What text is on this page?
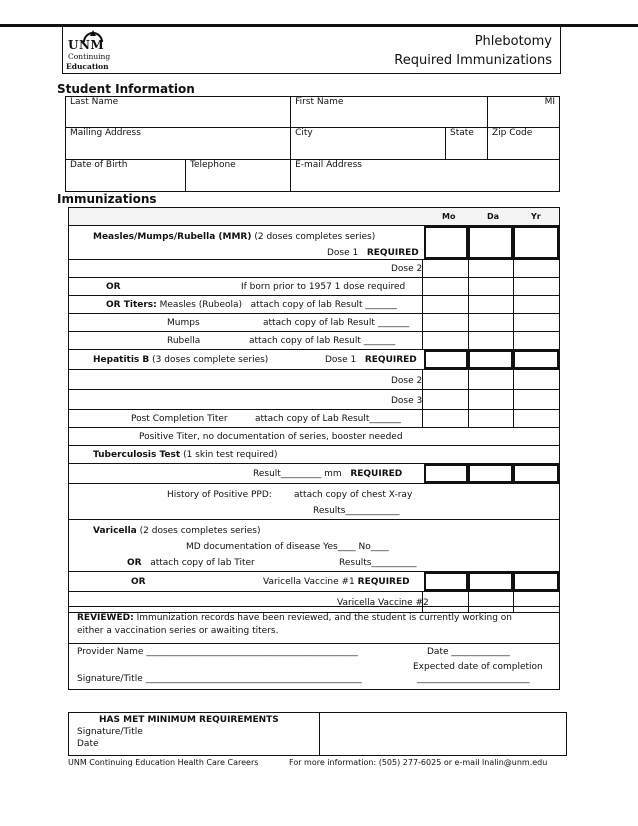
UNM
Continuing
Education
Phlebotomy
Required Immunizations
Student Information
Last Name		First Name		MI
Mailing Address		City	State	Zip Code
Date of Birth	Telephone	E-mail Address		
Immunizations
Mo	Da	Yr
Measles/Mumps/Rubella (MMR) (2 doses completes series)
Dose 1 REQUIRED
Dose 2
OR	If born prior to 1957 1 dose required
OR Titers: Measles (Rubeola) attach copy of lab Result _______
Mumps	attach copy of lab Result _______
Rubella	attach copy of lab Result _______
Hepatitis B (3 doses complete series)	Dose 1 REQUIRED
Dose 2
Dose 3
Post Completion Titer	attach copy of Lab Result_______
Positive Titer, no documentation of series, booster needed
Tuberculosis Test (1 skin test required)
Result_________ mm REQUIRED
History of Positive PPD: attach copy of chest X-ray
Results____________
Varicella (2 doses completes series)
MD documentation of disease Yes____ No____
OR attach copy of lab Titer	Results__________
OR	Varicella Vaccine #1 REQUIRED
Varicella Vaccine #2
REVIEWED: Immunization records have been reviewed, and the student is currently working on
either a vaccination series or awaiting titers.
Provider Name _______________________________________________	Date _____________
Expected date of completion
Signature/Title ________________________________________________	_________________________
HAS MET MINIMUM REQUIREMENTS
Signature/Title
Date
UNM Continuing Education Health Care Careers	For more information: (505) 277-6025 or e-mail lnalin@unm.edu
